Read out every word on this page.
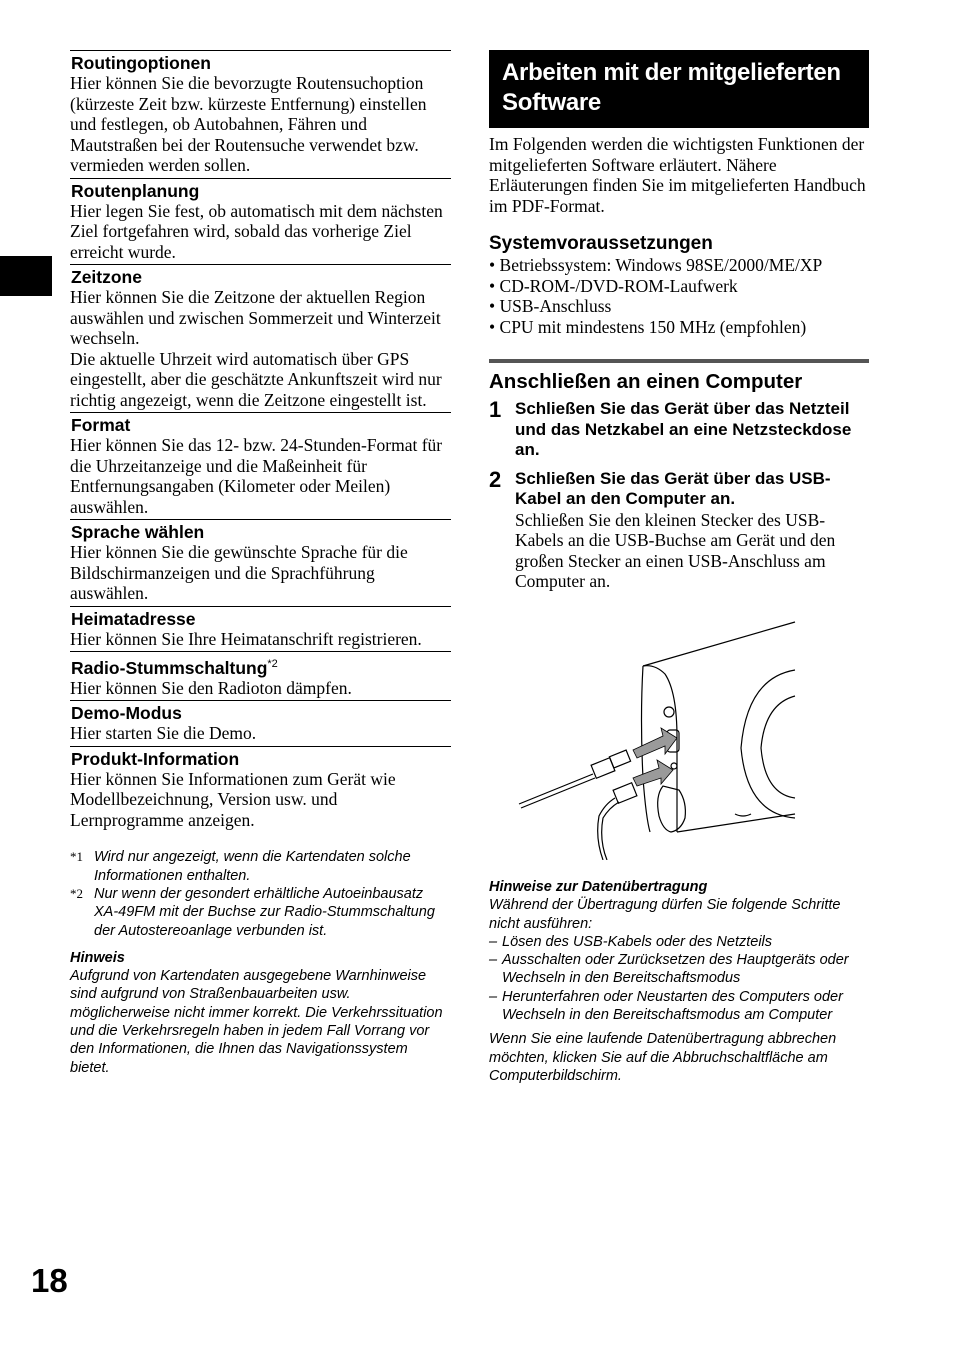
Routingoptionen

Hier können Sie die bevorzugte Routensuchoption (kürzeste Zeit bzw. kürzeste Entfernung) einstellen und festlegen, ob Autobahnen, Fähren und Mautstraßen bei der Routensuche verwendet bzw. vermieden werden sollen.

Routenplanung

Hier legen Sie fest, ob automatisch mit dem nächsten Ziel fortgefahren wird, sobald das vorherige Ziel erreicht wurde.

Zeitzone

Hier können Sie die Zeitzone der aktuellen Region auswählen und zwischen Sommerzeit und Winterzeit wechseln.

Die aktuelle Uhrzeit wird automatisch über GPS eingestellt, aber die geschätzte Ankunftszeit wird nur richtig angezeigt, wenn die Zeitzone eingestellt ist.

Format

Hier können Sie das 12- bzw. 24-Stunden-Format für die Uhrzeitanzeige und die Maßeinheit für Entfernungsangaben (Kilometer oder Meilen) auswählen.

Sprache wählen

Hier können Sie die gewünschte Sprache für die Bildschirmanzeigen und die Sprachführung auswählen.

Heimatadresse

Hier können Sie Ihre Heimatanschrift registrieren.

Radio-Stummschaltung$^{*2}$

Hier können Sie den Radioton dämpfen.

Demo-Modus

Hier starten Sie die Demo.

Produkt-Information

Hier können Sie Informationen zum Gerät wie Modellbezeichnung, Version usw. und Lernprogramme anzeigen.

*1 Wird nur angezeigt, wenn die Kartendaten solche Informationen enthalten.
*2 Nur wenn der gesondert erhältliche Autoeinbausatz XA-49FM mit der Buchse zur Radio-Stummschaltung der Autostereoanlage verbunden ist.
Hinweis
Aufgrund von Kartendaten ausgegebene Warnhinweise sind aufgrund von Straßenbauarbeiten usw. möglicherweise nicht immer korrekt. Die Verkehrssituation und die Verkehrsregeln haben in jedem Fall Vorrang vor den Informationen, die Ihnen das Navigationssystem bietet.
Arbeiten mit der mitgelieferten Software
Im Folgenden werden die wichtigsten Funktionen der mitgelieferten Software erläutert. Nähere Erläuterungen finden Sie im mitgelieferten Handbuch im PDF-Format.
Systemvoraussetzungen
• Betriebssystem: Windows 98SE/2000/ME/XP
• CD-ROM-/DVD-ROM-Laufwerk
• USB-Anschluss
• CPU mit mindestens 150 MHz (empfohlen)
Anschließen an einen Computer
1 Schließen Sie das Gerät über das Netzteil und das Netzkabel an eine Netzsteckdose an.
2 Schließen Sie das Gerät über das USB-Kabel an den Computer an.
Schließen Sie den kleinen Stecker des USB-Kabels an die USB-Buchse am Gerät und den großen Stecker an einen USB-Anschluss am Computer an.
Hinweise zur Datenübertragung
Während der Übertragung dürfen Sie folgende Schritte nicht ausführen:
– Lösen des USB-Kabels oder des Netzteils
– Ausschalten oder Zurücksetzen des Hauptgeräts oder Wechseln in den Bereitschaftsmodus
– Herunterfahren oder Neustarten des Computers oder Wechseln in den Bereitschaftsmodus am Computer
Wenn Sie eine laufende Datenübertragung abbrechen möchten, klicken Sie auf die Abbruchschaltfläche am Computerbildschirm.
18
